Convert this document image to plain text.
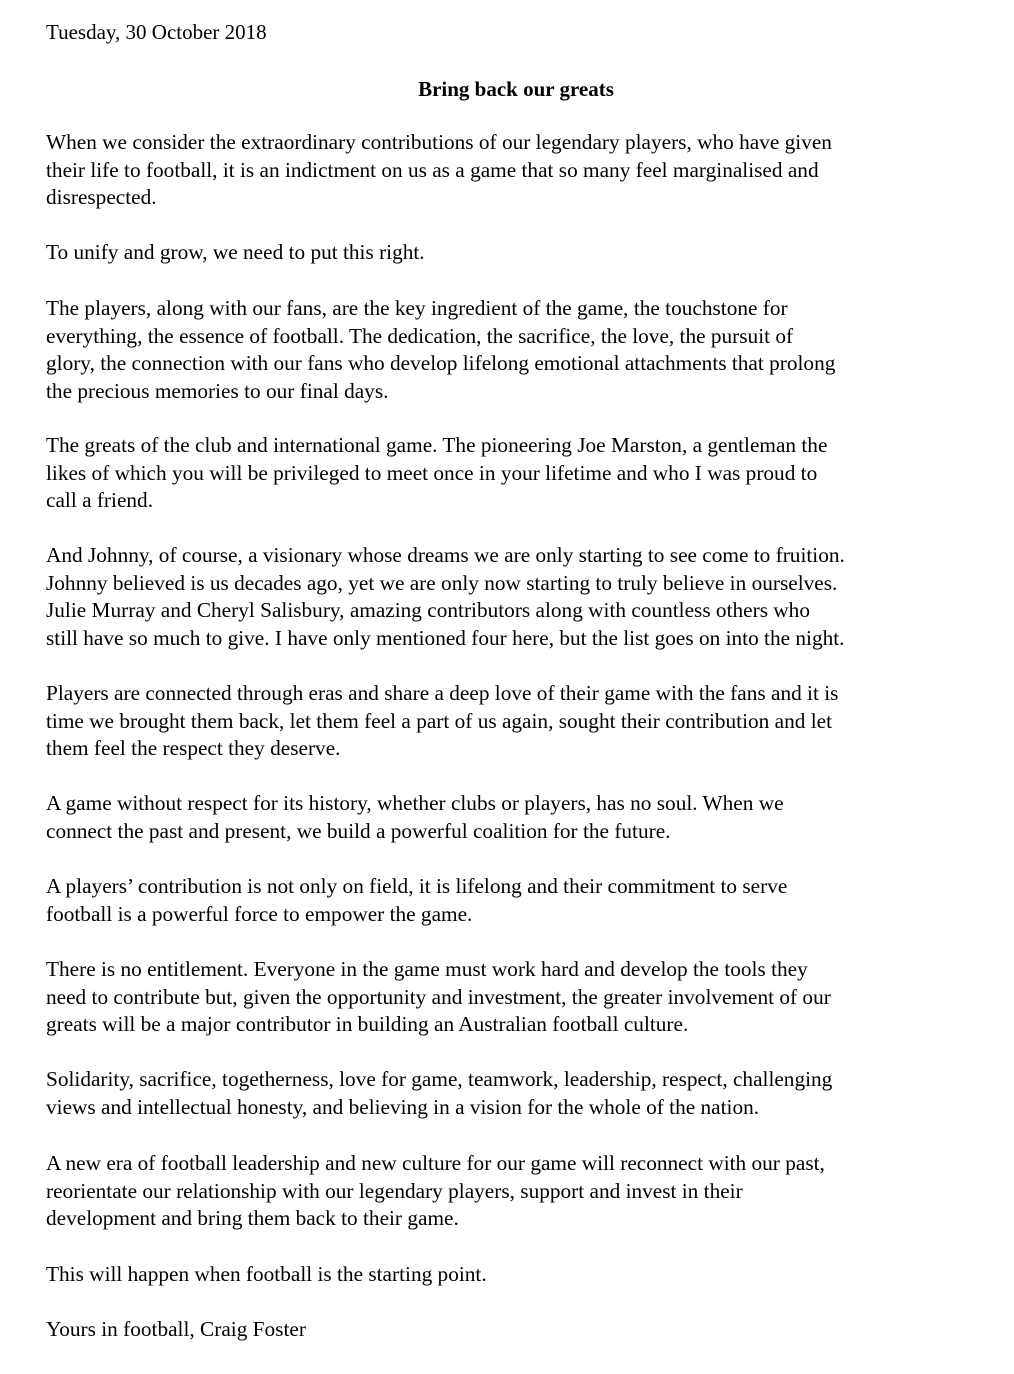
Tuesday, 30 October 2018
Bring back our greats

When we consider the extraordinary contributions of our legendary players, who have given
their life to football, it is an indictment on us as a game that so many feel marginalised and
disrespected.

To unify and grow, we need to put this right.

The players, along with our fans, are the key ingredient of the game, the touchstone for
everything, the essence of football. The dedication, the sacrifice, the love, the pursuit of
glory, the connection with our fans who develop lifelong emotional attachments that prolong
the precious memories to our final days.

The greats of the club and international game. The pioneering Joe Marston, a gentleman the
likes of which you will be privileged to meet once in your lifetime and who I was proud to
call a friend.

And Johnny, of course, a visionary whose dreams we are only starting to see come to fruition.
Johnny believed is us decades ago, yet we are only now starting to truly believe in ourselves.
Julie Murray and Cheryl Salisbury, amazing contributors along with countless others who
still have so much to give. I have only mentioned four here, but the list goes on into the night.

Players are connected through eras and share a deep love of their game with the fans and it is
time we brought them back, let them feel a part of us again, sought their contribution and let
them feel the respect they deserve.

A game without respect for its history, whether clubs or players, has no soul. When we
connect the past and present, we build a powerful coalition for the future.

A players’ contribution is not only on field, it is lifelong and their commitment to serve
football is a powerful force to empower the game.

There is no entitlement. Everyone in the game must work hard and develop the tools they
need to contribute but, given the opportunity and investment, the greater involvement of our
greats will be a major contributor in building an Australian football culture.

Solidarity, sacrifice, togetherness, love for game, teamwork, leadership, respect, challenging
views and intellectual honesty, and believing in a vision for the whole of the nation.

A new era of football leadership and new culture for our game will reconnect with our past,
reorientate our relationship with our legendary players, support and invest in their
development and bring them back to their game.

This will happen when football is the starting point.

Yours in football, Craig Foster
